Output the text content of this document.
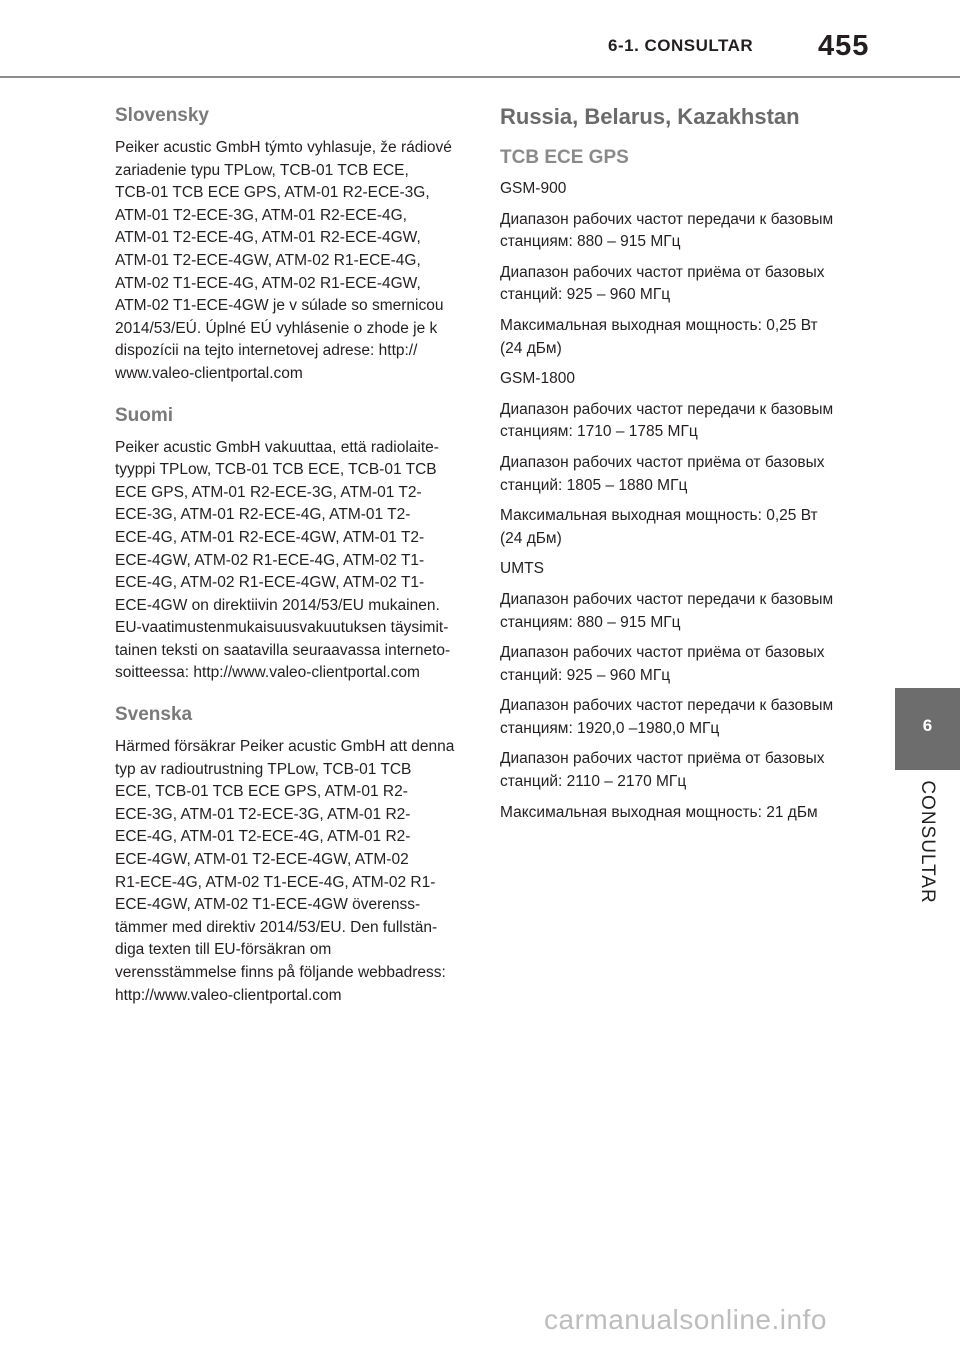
6-1. CONSULTAR 455
Slovensky
Peiker acustic GmbH týmto vyhlasuje, že rádiové
zariadenie typu TPLow, TCB-01 TCB ECE,
TCB-01 TCB ECE GPS, ATM-01 R2-ECE-3G,
ATM-01 T2-ECE-3G, ATM-01 R2-ECE-4G,
ATM-01 T2-ECE-4G, ATM-01 R2-ECE-4GW,
ATM-01 T2-ECE-4GW, ATM-02 R1-ECE-4G,
ATM-02 T1-ECE-4G, ATM-02 R1-ECE-4GW,
ATM-02 T1-ECE-4GW je v súlade so smernicou
2014/53/EÚ. Úplné EÚ vyhlásenie o zhode je k
dispozícii na tejto internetovej adrese: http://
www.valeo-clientportal.com
Suomi
Peiker acustic GmbH vakuuttaa, että radiolaite-
tyyppi TPLow, TCB-01 TCB ECE, TCB-01 TCB
ECE GPS, ATM-01 R2-ECE-3G, ATM-01 T2-
ECE-3G, ATM-01 R2-ECE-4G, ATM-01 T2-
ECE-4G, ATM-01 R2-ECE-4GW, ATM-01 T2-
ECE-4GW, ATM-02 R1-ECE-4G, ATM-02 T1-
ECE-4G, ATM-02 R1-ECE-4GW, ATM-02 T1-
ECE-4GW on direktiivin 2014/53/EU mukainen.
EU-vaatimustenmukaisuusvakuutuksen täysimit-
tainen teksti on saatavilla seuraavassa interneto-
soitteessa: http://www.valeo-clientportal.com
Svenska
Härmed försäkrar Peiker acustic GmbH att denna
typ av radioutrustning TPLow, TCB-01 TCB
ECE, TCB-01 TCB ECE GPS, ATM-01 R2-
ECE-3G, ATM-01 T2-ECE-3G, ATM-01 R2-
ECE-4G, ATM-01 T2-ECE-4G, ATM-01 R2-
ECE-4GW, ATM-01 T2-ECE-4GW, ATM-02
R1-ECE-4G, ATM-02 T1-ECE-4G, ATM-02 R1-
ECE-4GW, ATM-02 T1-ECE-4GW överenss-
tämmer med direktiv 2014/53/EU. Den fullstän-
diga texten till EU-försäkran om
verensstämmelse finns på följande webbadress:
http://www.valeo-clientportal.com
Russia, Belarus, Kazakhstan
TCB ECE GPS
GSM-900
Диапазон рабочих частот передачи к базовым
станциям: 880 – 915 МГц
Диапазон рабочих частот приёма от базовых
станций: 925 – 960 МГц
Максимальная выходная мощность: 0,25 Вт
(24 дБм)
GSM-1800
Диапазон рабочих частот передачи к базовым
станциям: 1710 – 1785 МГц
Диапазон рабочих частот приёма от базовых
станций: 1805 – 1880 МГц
Максимальная выходная мощность: 0,25 Вт
(24 дБм)
UMTS
Диапазон рабочих частот передачи к базовым
станциям: 880 – 915 МГц
Диапазон рабочих частот приёма от базовых
станций: 925 – 960 МГц
Диапазон рабочих частот передачи к базовым
станциям: 1920,0 –1980,0 МГц
Диапазон рабочих частот приёма от базовых
станций: 2110 – 2170 МГц
Максимальная выходная мощность: 21 дБм
6
CONSULTAR
carmanualsonline.info
